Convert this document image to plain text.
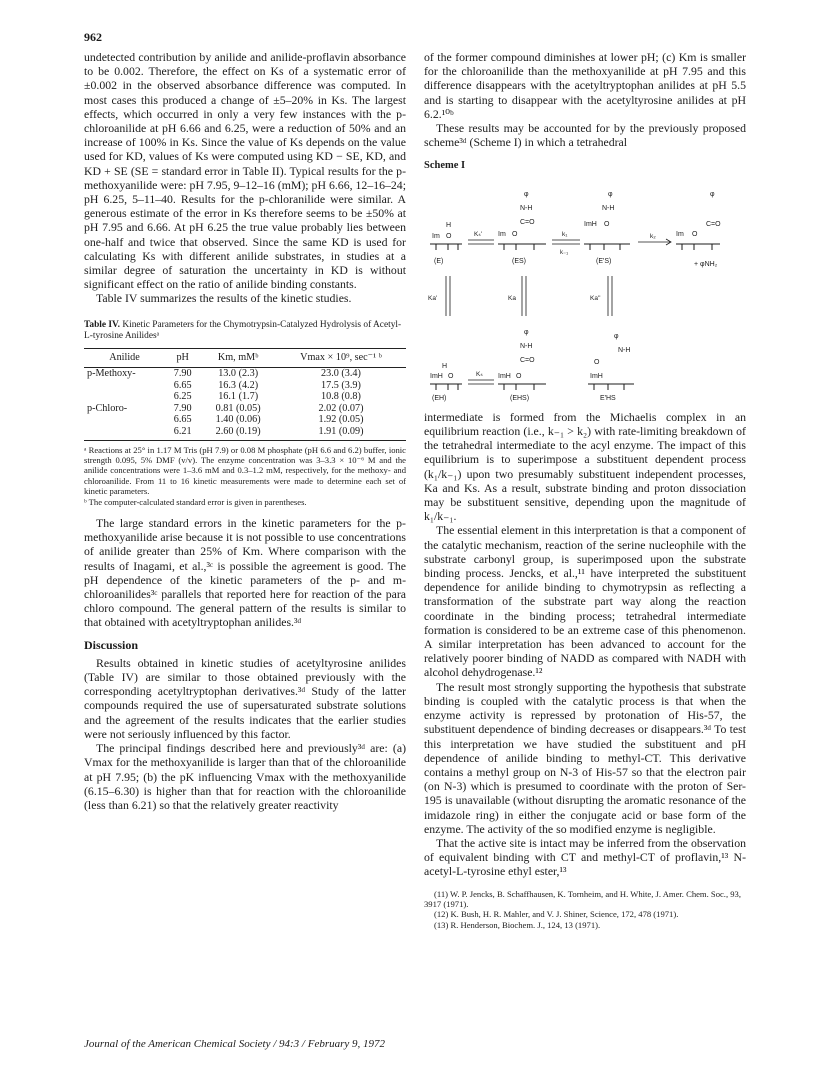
962

undetected contribution by anilide and anilide-proflavin absorbance to be 0.002. Therefore, the effect on Ks of a systematic error of ±0.002 in the observed absorbance difference was computed. In most cases this produced a change of ±5–20% in Ks. The largest effects, which occurred in only a very few instances with the p-chloroanilide at pH 6.66 and 6.25, were a reduction of 50% and an increase of 100% in Ks. Since the value of Ks depends on the value used for KD, values of Ks were computed using KD − SE, KD, and KD + SE (SE = standard error in Table II). Typical results for the p-methoxyanilide were: pH 7.95, 9–12–16 (mM); pH 6.66, 12–16–24; pH 6.25, 5–11–40. Results for the p-chloranilide were similar. A generous estimate of the error in Ks therefore seems to be ±50% at pH 7.95 and 6.66. At pH 6.25 the true value probably lies between one-half and twice that observed. Since the same KD is used for calculating Ks with different anilide substrates, in studies at a similar degree of saturation the uncertainty in KD is without significant effect on the ratio of anilide binding constants.

Table IV summarizes the results of the kinetic studies.

Table IV. Kinetic Parameters for the Chymotrypsin-Catalyzed Hydrolysis of Acetyl-L-tyrosine Anilidesᵃ
Anilide	pH	Km, mMᵇ	Vmax × 10⁹, sec⁻¹ ᵇ
p-Methoxy-	7.90	13.0 (2.3)	23.0 (3.4)
	6.65	16.3 (4.2)	17.5 (3.9)
	6.25	16.1 (1.7)	10.8 (0.8)
p-Chloro-	7.90	0.81 (0.05)	2.02 (0.07)
	6.65	1.40 (0.06)	1.92 (0.05)
	6.21	2.60 (0.19)	1.91 (0.09)
ᵃ Reactions at 25° in 1.17 M Tris (pH 7.9) or 0.08 M phosphate (pH 6.6 and 6.2) buffer, ionic strength 0.095, 5% DMF (v/v). The enzyme concentration was 3–3.3 × 10⁻⁶ M and the anilide concentrations were 1–3.6 mM and 0.3–1.2 mM, respectively, for the methoxy- and chloroanilide. From 11 to 16 kinetic measurements were made to determine each set of kinetic parameters.
ᵇ The computer-calculated standard error is given in parentheses.

The large standard errors in the kinetic parameters for the p-methoxyanilide arise because it is not possible to use concentrations of anilide greater than 25% of Km. Where comparison with the results of Inagami, et al.,³ᶜ is possible the agreement is good. The pH dependence of the kinetic parameters of the p- and m-chloroanilides³ᶜ parallels that reported here for reaction of the para chloro compound. The general pattern of the results is similar to that obtained with acetyltryptophan anilides.³ᵈ

Discussion

Results obtained in kinetic studies of acetyltyrosine anilides (Table IV) are similar to those obtained previously with the corresponding acetyltryptophan derivatives.³ᵈ Study of the latter compounds required the use of supersaturated substrate solutions and the agreement of the results indicates that the earlier studies were not seriously influenced by this factor.

The principal findings described here and previously³ᵈ are: (a) Vmax for the methoxyanilide is larger than that of the chloroanilide at pH 7.95; (b) the pK influencing Vmax with the methoxyanilide (6.15–6.30) is higher than that for reaction with the chloroanilide (less than 6.21) so that the relatively greater reactivity

of the former compound diminishes at lower pH; (c) Km is smaller for the chloroanilide than the methoxyanilide at pH 7.95 and this difference disappears with the acetyltryptophan anilides at pH 5.5 and is starting to disappear with the acetyltyrosine anilides at pH 6.2.¹⁰ᵇ

These results may be accounted for by the previously proposed scheme³ᵈ (Scheme I) in which a tetrahedral

Scheme I
Im O
H
(E)
Kₛ'
φ
N-H
C=O
Im O
(ES)
k₁
k₋₁
φ
N-H
ImH O
(E'S)
k₂
φ
Im O
C=O
+ φNH₂
Ka'	Ka	Ka''
H
ImH O
(EH)
Kₛ
φ
N-H
C=O
ImH O
(EHS)
φ
N-H
O
ImH
E'HS

intermediate is formed from the Michaelis complex in an equilibrium reaction (i.e., k₋₁ > k₂) with rate-limiting breakdown of the tetrahedral intermediate to the acyl enzyme. The impact of this equilibrium is to superimpose a substituent dependent process (k₁/k₋₁) upon two presumably substituent independent processes, Ka and Ks. As a result, substrate binding and proton dissociation may be substituent sensitive, depending upon the magnitude of k₁/k₋₁.

The essential element in this interpretation is that a component of the catalytic mechanism, reaction of the serine nucleophile with the substrate carbonyl group, is superimposed upon the substrate binding process. Jencks, et al.,¹¹ have interpreted the substituent dependence for anilide binding to chymotrypsin as reflecting a transformation of the substrate part way along the reaction coordinate in the binding process; tetrahedral intermediate formation is considered to be an extreme case of this phenomenon. A similar interpretation has been advanced to account for the relatively poorer binding of NADD as compared with NADH with alcohol dehydrogenase.¹²

The result most strongly supporting the hypothesis that substrate binding is coupled with the catalytic process is that when the enzyme activity is repressed by protonation of His-57, the substituent dependence of binding decreases or disappears.³ᵈ To test this interpretation we have studied the substituent and pH dependence of anilide binding to methyl-CT. This derivative contains a methyl group on N-3 of His-57 so that the electron pair (on N-3) which is presumed to coordinate with the proton of Ser-195 is unavailable (without disrupting the aromatic resonance of the imidazole ring) in either the conjugate acid or base form of the enzyme. The activity of the so modified enzyme is negligible.

That the active site is intact may be inferred from the observation of equivalent binding with CT and methyl-CT of proflavin,¹³ N-acetyl-L-tyrosine ethyl ester,¹³

(11) W. P. Jencks, B. Schaffhausen, K. Tornheim, and H. White, J. Amer. Chem. Soc., 93, 3917 (1971).
(12) K. Bush, H. R. Mahler, and V. J. Shiner, Science, 172, 478 (1971).
(13) R. Henderson, Biochem. J., 124, 13 (1971).
Journal of the American Chemical Society / 94:3 / February 9, 1972
